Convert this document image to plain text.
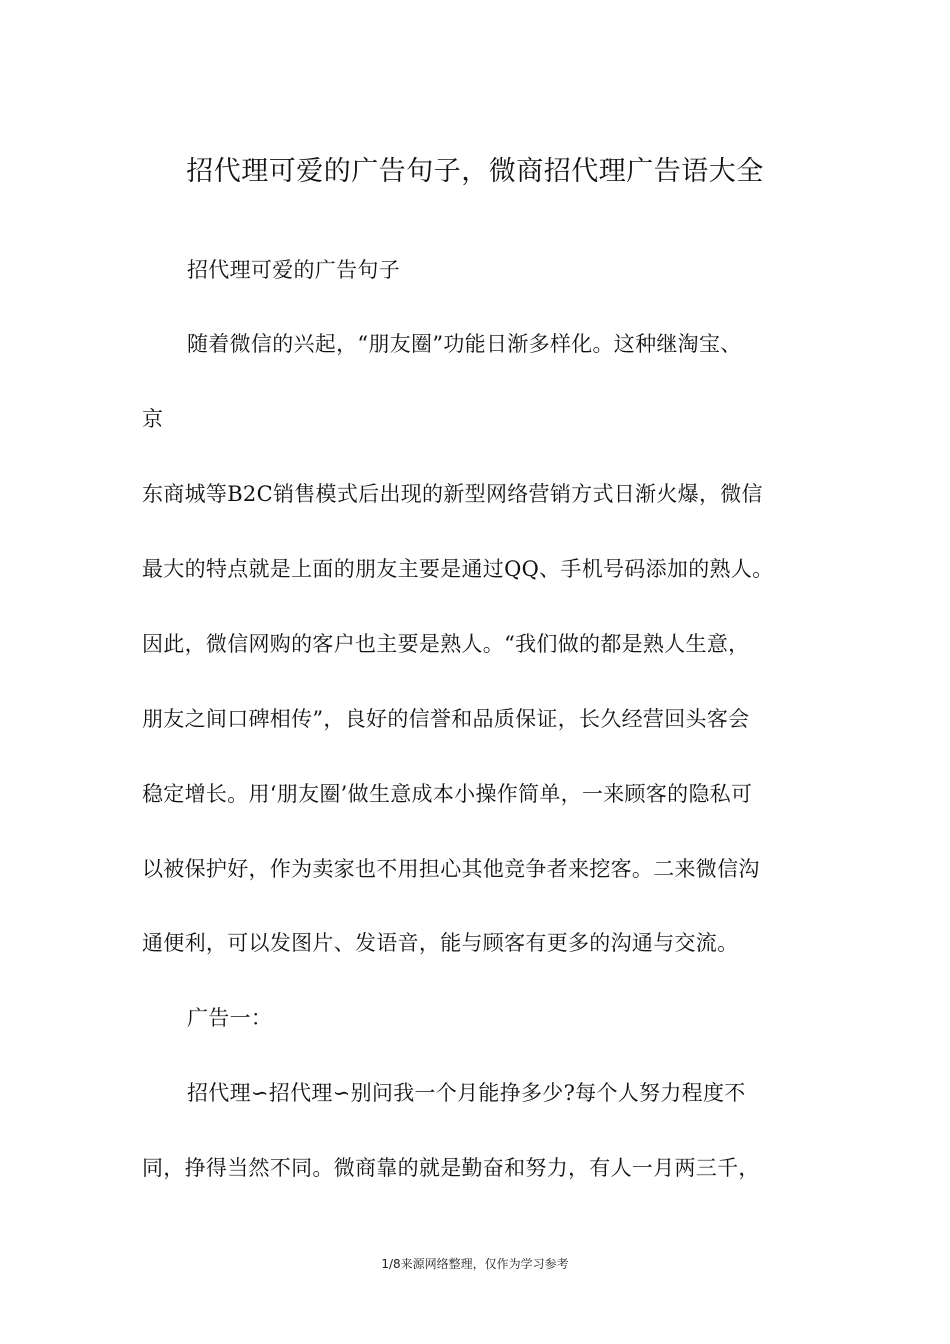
招代理可爱的广告句子，微商招代理广告语大全
招代理可爱的广告句子
随着微信的兴起，“朋友圈”功能日渐多样化。这种继淘宝、
京
东商城等B2C销售模式后出现的新型网络营销方式日渐火爆，微信
最大的特点就是上面的朋友主要是通过QQ、手机号码添加的熟人。
因此，微信网购的客户也主要是熟人。“我们做的都是熟人生意，
朋友之间口碑相传”，良好的信誉和品质保证，长久经营回头客会
稳定增长。用‘朋友圈’做生意成本小操作简单，一来顾客的隐私可
以被保护好，作为卖家也不用担心其他竞争者来挖客。二来微信沟
通便利，可以发图片、发语音，能与顾客有更多的沟通与交流。
广告一：
招代理∽招代理∽别问我一个月能挣多少?每个人努力程度不
同，挣得当然不同。微商靠的就是勤奋和努力，有人一月两三千，
1/8来源网络整理，仅作为学习参考
